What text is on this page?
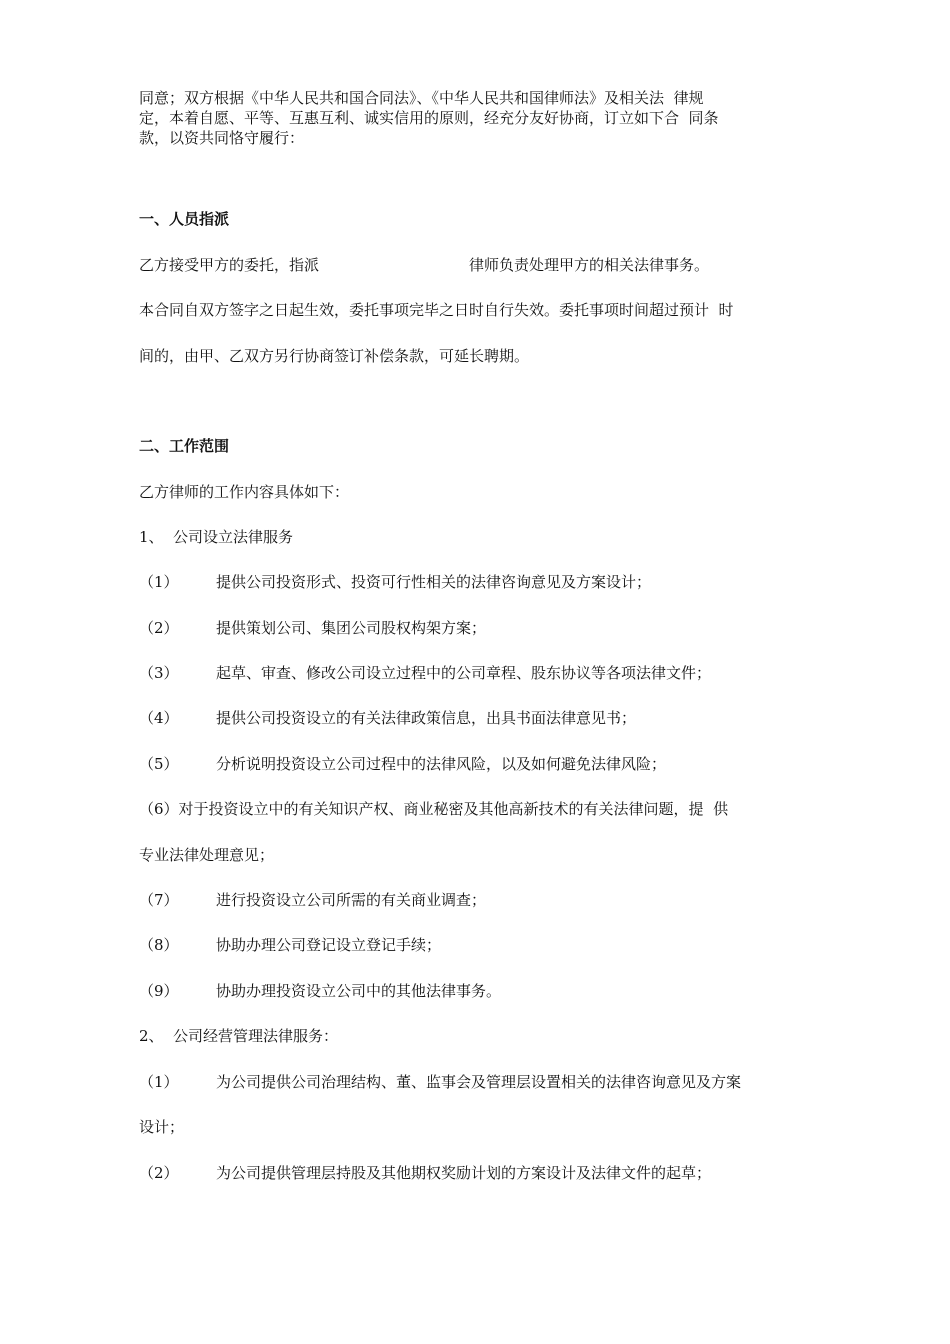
同意；双方根据《中华人民共和国合同法》、《中华人民共和国律师法》及相关法  律规
定，本着自愿、平等、互惠互利、诚实信用的原则，经充分友好协商，订立如下合  同条
款，以资共同恪守履行：
一、人员指派
乙方接受甲方的委托，指派	律师负责处理甲方的相关法律事务。
本合同自双方签字之日起生效，委托事项完毕之日时自行失效。委托事项时间超过预计  时
间的，由甲、乙双方另行协商签订补偿条款，可延长聘期。
二、工作范围
乙方律师的工作内容具体如下：
1、 公司设立法律服务
（1） 提供公司投资形式、投资可行性相关的法律咨询意见及方案设计；
（2） 提供策划公司、集团公司股权构架方案；
（3） 起草、审查、修改公司设立过程中的公司章程、股东协议等各项法律文件；
（4） 提供公司投资设立的有关法律政策信息，出具书面法律意见书；
（5） 分析说明投资设立公司过程中的法律风险，以及如何避免法律风险；
（6）对于投资设立中的有关知识产权、商业秘密及其他高新技术的有关法律问题，提  供
专业法律处理意见；
（7） 进行投资设立公司所需的有关商业调查；
（8） 协助办理公司登记设立登记手续；
（9） 协助办理投资设立公司中的其他法律事务。
2、 公司经营管理法律服务：
（1） 为公司提供公司治理结构、董、监事会及管理层设置相关的法律咨询意见及方案
设计；
（2） 为公司提供管理层持股及其他期权奖励计划的方案设计及法律文件的起草；
